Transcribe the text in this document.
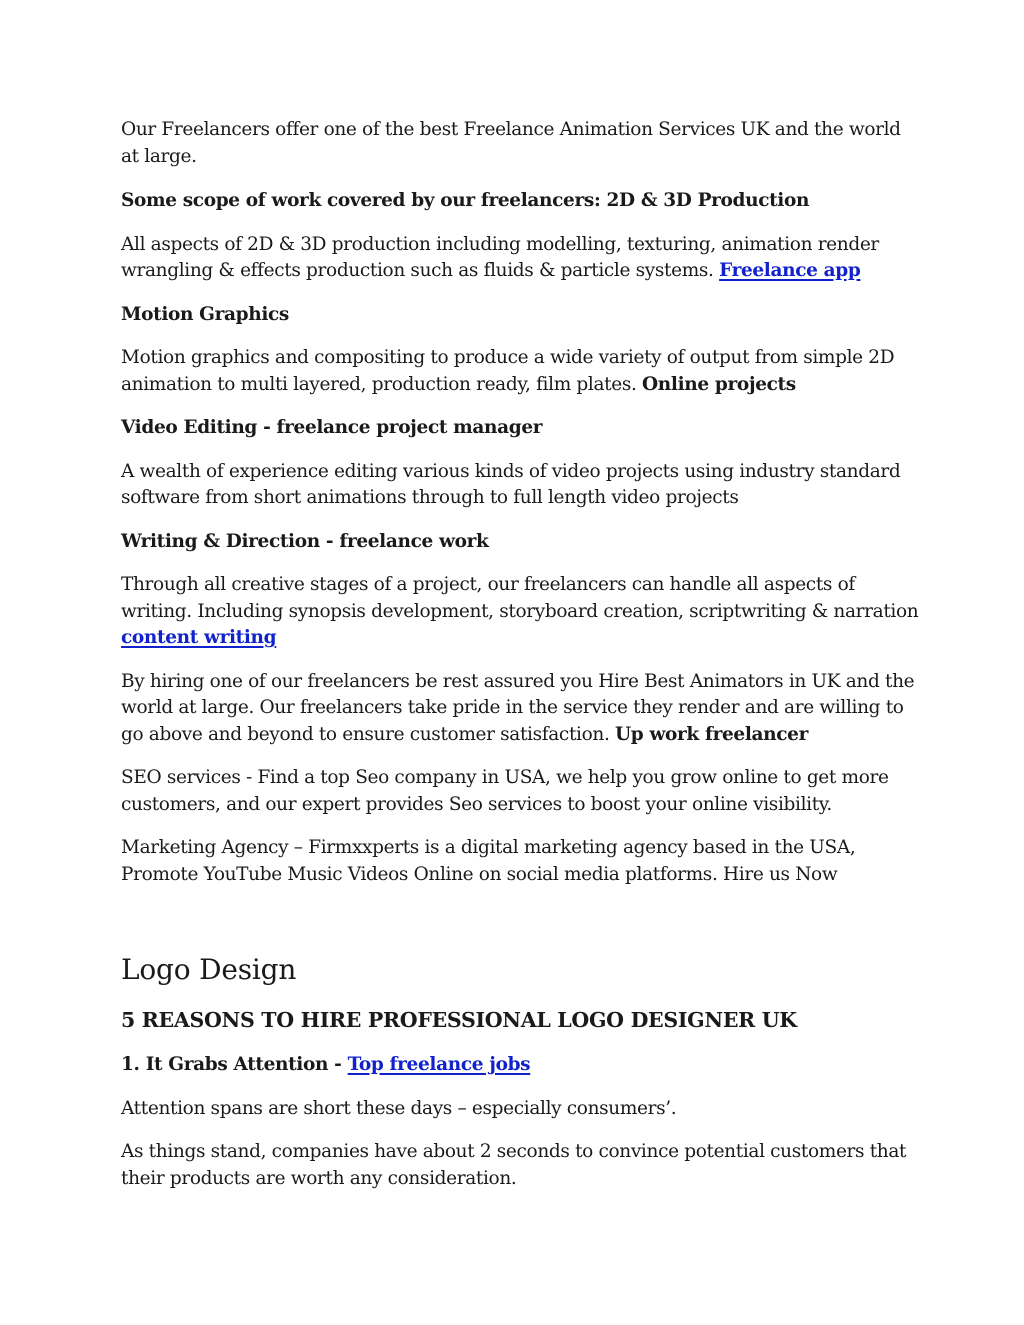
Our Freelancers offer one of the best Freelance Animation Services UK and the world at large.

Some scope of work covered by our freelancers: 2D & 3D Production

All aspects of 2D & 3D production including modelling, texturing, animation render wrangling & effects production such as fluids & particle systems. Freelance app

Motion Graphics

Motion graphics and compositing to produce a wide variety of output from simple 2D animation to multi layered, production ready, film plates. Online projects

Video Editing - freelance project manager

A wealth of experience editing various kinds of video projects using industry standard software from short animations through to full length video projects

Writing & Direction - freelance work

Through all creative stages of a project, our freelancers can handle all aspects of writing. Including synopsis development, storyboard creation, scriptwriting & narration
content writing

By hiring one of our freelancers be rest assured you Hire Best Animators in UK and the world at large. Our freelancers take pride in the service they render and are willing to go above and beyond to ensure customer satisfaction. Up work freelancer

SEO services - Find a top Seo company in USA, we help you grow online to get more customers, and our expert provides Seo services to boost your online visibility.

Marketing Agency – Firmxxperts is a digital marketing agency based in the USA, Promote YouTube Music Videos Online on social media platforms. Hire us Now

Logo Design
5 REASONS TO HIRE PROFESSIONAL LOGO DESIGNER UK

1. It Grabs Attention - Top freelance jobs

Attention spans are short these days – especially consumers’.

As things stand, companies have about 2 seconds to convince potential customers that their products are worth any consideration.
